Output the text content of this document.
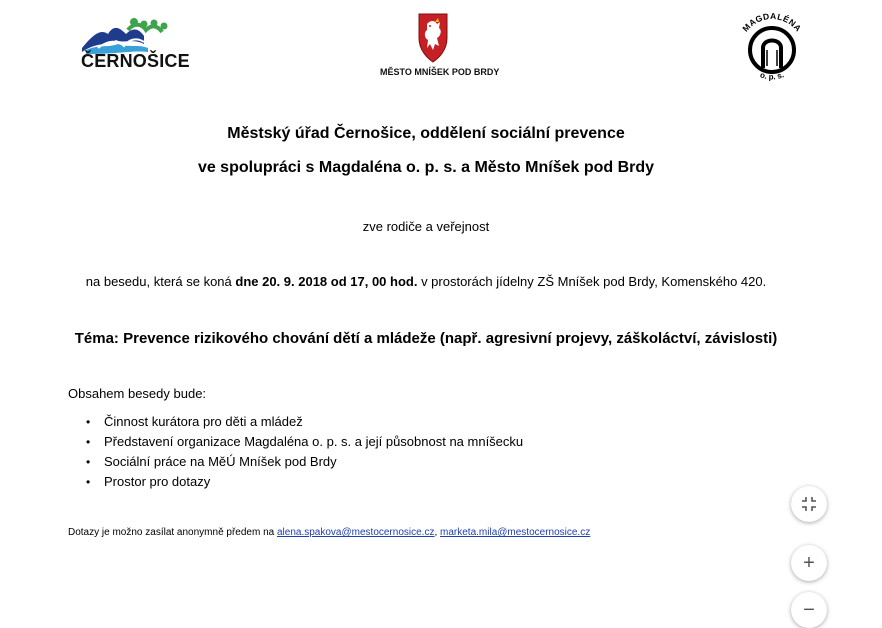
ČERNOŠICE
MĚSTO MNÍŠEK POD BRDY
MAGDALÉNA
o. p. s.
Městský úřad Černošice, oddělení sociální prevence
ve spolupráci s Magdaléna o. p. s. a Město Mníšek pod Brdy
zve rodiče a veřejnost
na besedu, která se koná dne 20. 9. 2018 od 17, 00 hod. v prostorách jídelny ZŠ Mníšek pod Brdy, Komenského 420.
Téma: Prevence rizikového chování dětí a mládeže (např. agresivní projevy, záškoláctví, závislosti)
Obsahem besedy bude:
• Činnost kurátora pro děti a mládež
• Představení organizace Magdaléna o. p. s. a její působnost na mníšecku
• Sociální práce na MěÚ Mníšek pod Brdy
• Prostor pro dotazy
Dotazy je možno zasílat anonymně předem na alena.spakova@mestocernosice.cz, marketa.mila@mestocernosice.cz
+
−
